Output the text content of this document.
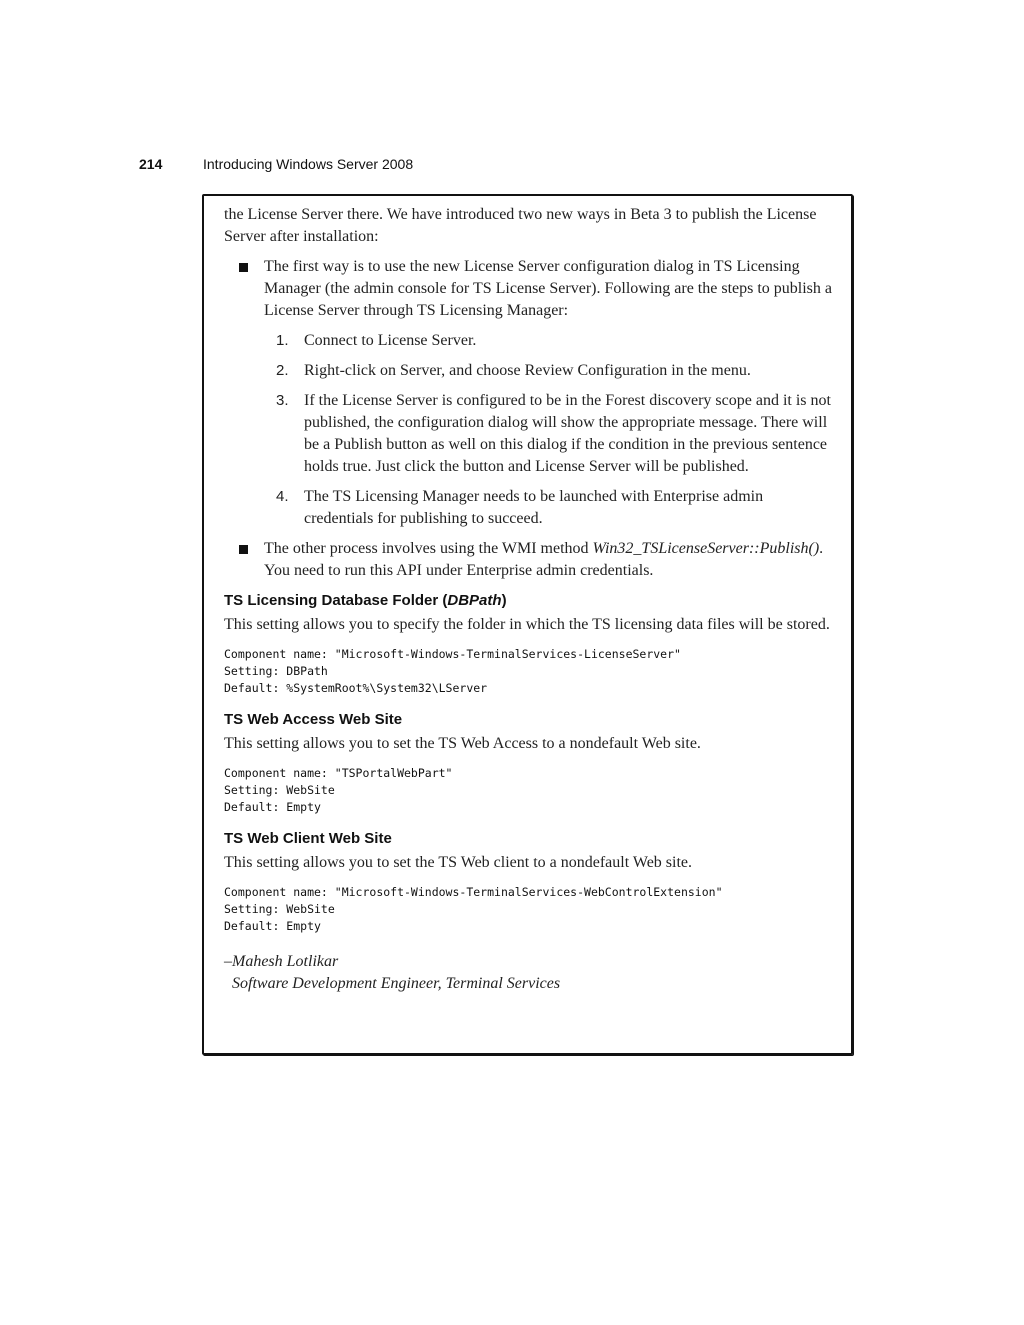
214	Introducing Windows Server 2008

the License Server there. We have introduced two new ways in Beta 3 to publish the License Server after installation:

The first way is to use the new License Server configuration dialog in TS Licensing Manager (the admin console for TS License Server). Following are the steps to publish a License Server through TS Licensing Manager:

1. Connect to License Server.
2. Right-click on Server, and choose Review Configuration in the menu.
3. If the License Server is configured to be in the Forest discovery scope and it is not published, the configuration dialog will show the appropriate message. There will be a Publish button as well on this dialog if the condition in the previous sentence holds true. Just click the button and License Server will be published.
4. The TS Licensing Manager needs to be launched with Enterprise admin credentials for publishing to succeed.

The other process involves using the WMI method Win32_TSLicenseServer::Publish(). You need to run this API under Enterprise admin credentials.

TS Licensing Database Folder (DBPath)

This setting allows you to specify the folder in which the TS licensing data files will be stored.

Component name: "Microsoft-Windows-TerminalServices-LicenseServer"
Setting: DBPath
Default: %SystemRoot%\System32\LServer
TS Web Access Web Site

This setting allows you to set the TS Web Access to a nondefault Web site.

Component name: "TSPortalWebPart"
Setting: WebSite
Default: Empty
TS Web Client Web Site

This setting allows you to set the TS Web client to a nondefault Web site.

Component name: "Microsoft-Windows-TerminalServices-WebControlExtension"
Setting: WebSite
Default: Empty
–Mahesh Lotlikar
Software Development Engineer, Terminal Services
